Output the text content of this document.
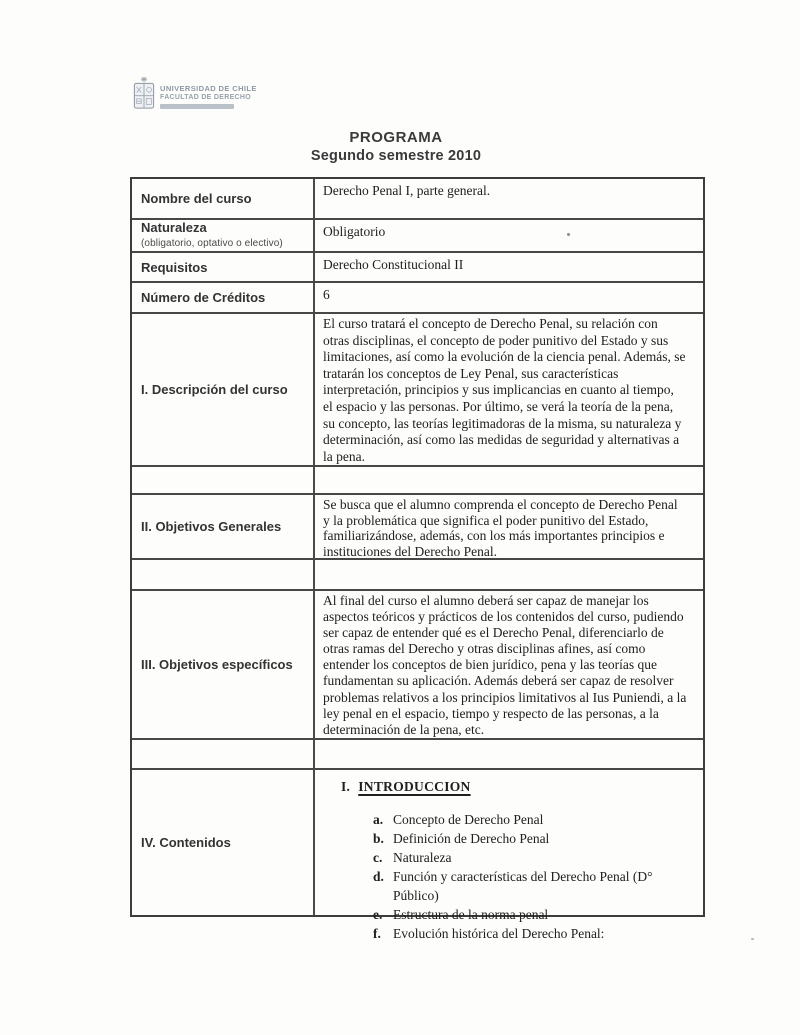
UNIVERSIDAD DE CHILE
FACULTAD DE DERECHO
PROGRAMA
Segundo semestre 2010
Nombre del curso
Derecho Penal I, parte general.
Naturaleza
(obligatorio, optativo o electivo)
Obligatorio
Requisitos	Derecho Constitucional II
Número de Créditos	6
I. Descripción del curso
El curso tratará el concepto de Derecho Penal, su relación con otras disciplinas, el concepto de poder punitivo del Estado y sus limitaciones, así como la evolución de la ciencia penal. Además, se tratarán los conceptos de Ley Penal, sus características interpretación, principios y sus implicancias en cuanto al tiempo, el espacio y las personas. Por último, se verá la teoría de la pena, su concepto, las teorías legitimadoras de la misma, su naturaleza y determinación, así como las medidas de seguridad y alternativas a la pena.
II. Objetivos Generales
Se busca que el alumno comprenda el concepto de Derecho Penal y la problemática que significa el poder punitivo del Estado, familiarizándose, además, con los más importantes principios e instituciones del Derecho Penal.
III. Objetivos específicos
Al final del curso el alumno deberá ser capaz de manejar los aspectos teóricos y prácticos de los contenidos del curso, pudiendo ser capaz de entender qué es el Derecho Penal, diferenciarlo de otras ramas del Derecho y otras disciplinas afines, así como entender los conceptos de bien jurídico, pena y las teorías que fundamentan su aplicación. Además deberá ser capaz de resolver problemas relativos a los principios limitativos al Ius Puniendi, a la ley penal en el espacio, tiempo y respecto de las personas, a la determinación de la pena, etc.
IV. Contenidos
I. INTRODUCCION
a. Concepto de Derecho Penal
b. Definición de Derecho Penal
c. Naturaleza
d. Función y características del Derecho Penal (D° Público)
e. Estructura de la norma penal
f. Evolución histórica del Derecho Penal:
